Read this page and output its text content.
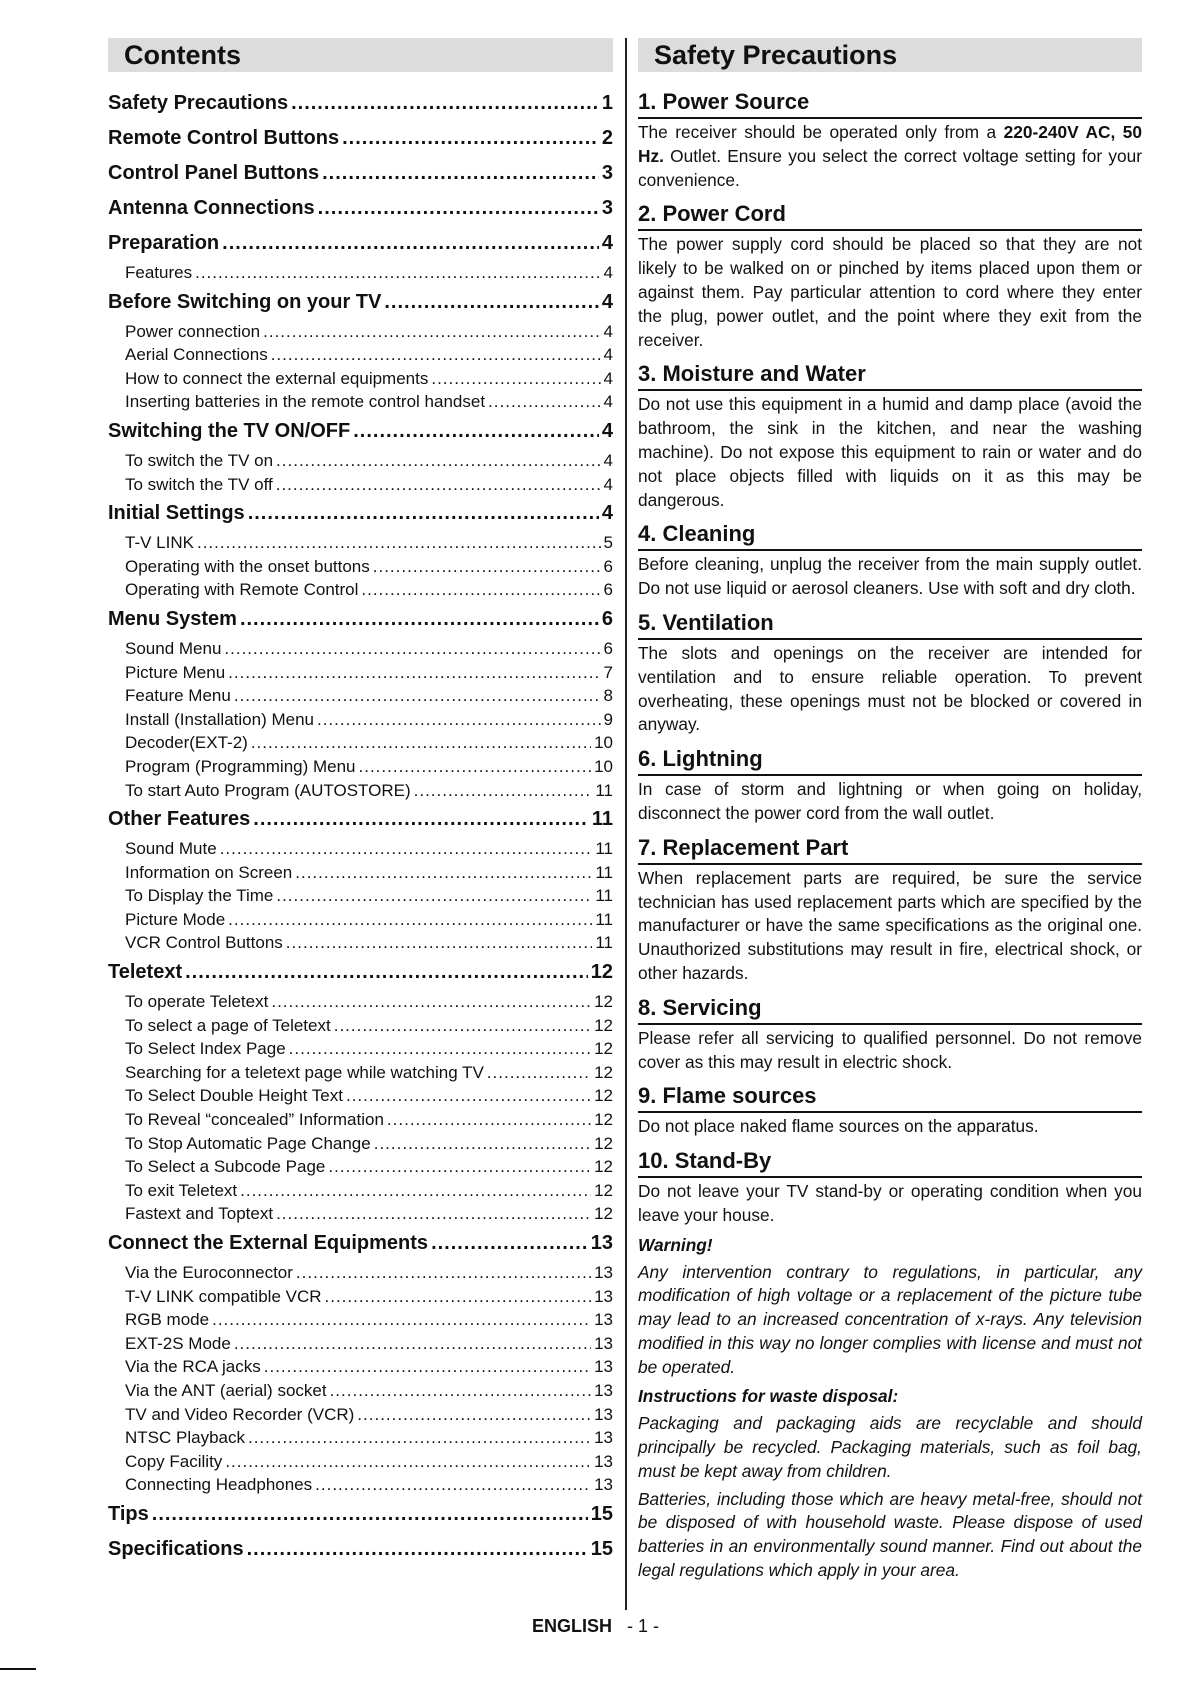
Contents
Safety Precautions .....	1
Remote Control Buttons .....	2
Control Panel Buttons .....	3
Antenna Connections .....	3
Preparation .....	4
Features .....	4
Before Switching on your TV .....	4
Power connection .....	4
Aerial Connections .....	4
How to connect the external equipments .....	4
Inserting batteries in the remote control handset .....	4
Switching the TV ON/OFF .....	4
To switch the TV on .....	4
To switch the TV off .....	4
Initial Settings .....	4
T-V LINK .....	5
Operating with the onset buttons .....	6
Operating with Remote Control .....	6
Menu System .....	6
Sound Menu .....	6
Picture Menu .....	7
Feature Menu .....	8
Install (Installation) Menu .....	9
Decoder(EXT-2) .....	10
Program (Programming) Menu .....	10
To start Auto Program (AUTOSTORE) .....	11
Other Features .....	11
Sound Mute .....	11
Information on Screen .....	11
To Display the Time .....	11
Picture Mode .....	11
VCR Control Buttons .....	11
Teletext .....	12
To operate Teletext .....	12
To select a page of Teletext .....	12
To Select Index Page .....	12
Searching for a teletext page while watching TV .....	12
To Select Double Height Text .....	12
To Reveal “concealed” Information .....	12
To Stop Automatic Page Change .....	12
To Select a Subcode Page .....	12
To exit Teletext .....	12
Fastext and Toptext .....	12
Connect the External Equipments .....	13
Via the Euroconnector .....	13
T-V LINK compatible VCR .....	13
RGB mode .....	13
EXT-2S Mode .....	13
Via the RCA jacks .....	13
Via the ANT (aerial) socket .....	13
TV and Video Recorder (VCR) .....	13
NTSC Playback .....	13
Copy Facility .....	13
Connecting Headphones .....	13
Tips .....	15
Specifications .....	15
Safety Precautions
1. Power Source
The receiver should be operated only from a 220-240V AC, 50 Hz. Outlet. Ensure you select the correct voltage setting for your convenience.
2. Power Cord
The power supply cord should be placed so that they are not likely to be walked on or pinched by items placed upon them or against them. Pay particular attention to cord where they enter the plug, power outlet, and the point where they exit from the receiver.
3. Moisture and Water
Do not use this equipment in a humid and damp place (avoid the bathroom, the sink in the kitchen, and near the washing machine). Do not expose this equipment to rain or water and do not place objects filled with liquids on it as this may be dangerous.
4. Cleaning
Before cleaning, unplug the receiver from the main supply outlet. Do not use liquid or aerosol cleaners. Use with soft and dry cloth.
5. Ventilation
The slots and openings on the receiver are intended for ventilation and to ensure reliable operation. To prevent overheating, these openings must not be blocked or covered in anyway.
6. Lightning
In case of storm and lightning or when going on holiday, disconnect the power cord from the wall outlet.
7. Replacement Part
When replacement parts are required, be sure the service technician has used replacement parts which are specified by the manufacturer or have the same specifications as the original one. Unauthorized substitutions may result in fire, electrical shock, or other hazards.
8. Servicing
Please refer all servicing to qualified personnel. Do not remove cover as this may result in electric shock.
9. Flame sources
Do not place naked flame sources on the apparatus.
10. Stand-By
Do not leave your TV stand-by or operating condition when you leave your house.
Warning!
Any intervention contrary to regulations, in particular, any modification of high voltage or a replacement of the picture tube may lead to an increased concentration of x-rays. Any television modified in this way no longer complies with license and must not be operated.
Instructions for waste disposal:
Packaging and packaging aids are recyclable and should principally be recycled. Packaging materials, such as foil bag, must be kept away from children.
Batteries, including those which are heavy metal-free, should not be disposed of with household waste. Please dispose of used batteries in an environmentally sound manner. Find out about the legal regulations which apply in your area.
ENGLISH - 1 -
